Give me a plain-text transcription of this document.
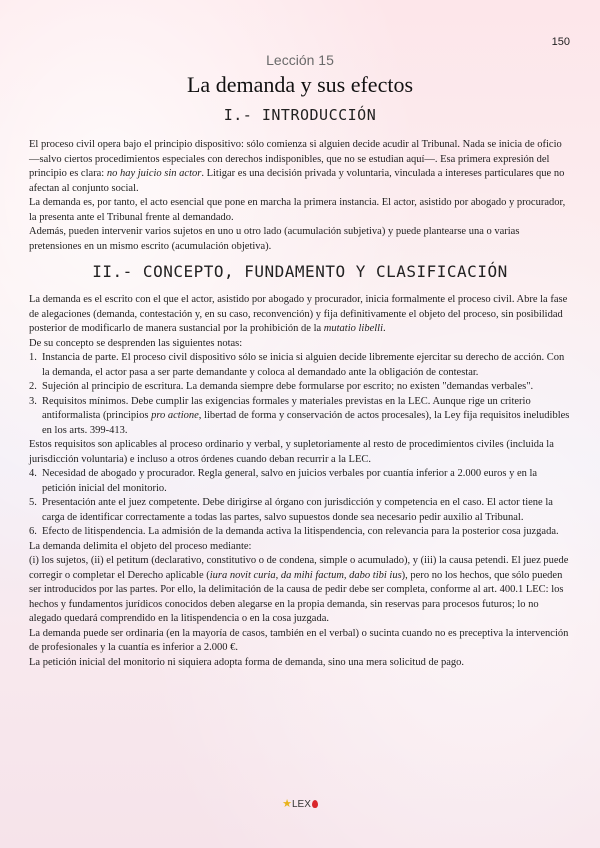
150
Lección 15
La demanda y sus efectos
I.- INTRODUCCIÓN

El proceso civil opera bajo el principio dispositivo: sólo comienza si alguien decide acudir al Tribunal. Nada se inicia de oficio —salvo ciertos procedimientos especiales con derechos indisponibles, que no se estudian aquí—. Esa primera expresión del principio es clara: no hay juicio sin actor. Litigar es una decisión privada y voluntaria, vinculada a intereses particulares que no afectan al conjunto social.

La demanda es, por tanto, el acto esencial que pone en marcha la primera instancia. El actor, asistido por abogado y procurador, la presenta ante el Tribunal frente al demandado.

Además, pueden intervenir varios sujetos en uno u otro lado (acumulación subjetiva) y puede plantearse una o varias pretensiones en un mismo escrito (acumulación objetiva).

II.- CONCEPTO, FUNDAMENTO Y CLASIFICACIÓN

La demanda es el escrito con el que el actor, asistido por abogado y procurador, inicia formalmente el proceso civil. Abre la fase de alegaciones (demanda, contestación y, en su caso, reconvención) y fija definitivamente el objeto del proceso, sin posibilidad posterior de modificarlo de manera sustancial por la prohibición de la mutatio libelli.

De su concepto se desprenden las siguientes notas:

1. Instancia de parte. El proceso civil dispositivo sólo se inicia si alguien decide libremente ejercitar su derecho de acción. Con la demanda, el actor pasa a ser parte demandante y coloca al demandado ante la obligación de contestar.
2. Sujeción al principio de escritura. La demanda siempre debe formularse por escrito; no existen "demandas verbales".
3. Requisitos mínimos. Debe cumplir las exigencias formales y materiales previstas en la LEC. Aunque rige un criterio antiformalista (principios pro actione, libertad de forma y conservación de actos procesales), la Ley fija requisitos ineludibles en los arts. 399-413.

Estos requisitos son aplicables al proceso ordinario y verbal, y supletoriamente al resto de procedimientos civiles (incluida la jurisdicción voluntaria) e incluso a otros órdenes cuando deban recurrir a la LEC.

4. Necesidad de abogado y procurador. Regla general, salvo en juicios verbales por cuantía inferior a 2.000 euros y en la petición inicial del monitorio.
5. Presentación ante el juez competente. Debe dirigirse al órgano con jurisdicción y competencia en el caso. El actor tiene la carga de identificar correctamente a todas las partes, salvo supuestos donde sea necesario pedir auxilio al Tribunal.
6. Efecto de litispendencia. La admisión de la demanda activa la litispendencia, con relevancia para la posterior cosa juzgada.

La demanda delimita el objeto del proceso mediante:

(i) los sujetos, (ii) el petitum (declarativo, constitutivo o de condena, simple o acumulado), y (iii) la causa petendi. El juez puede corregir o completar el Derecho aplicable (iura novit curia, da mihi factum, dabo tibi ius), pero no los hechos, que sólo pueden ser introducidos por las partes. Por ello, la delimitación de la causa de pedir debe ser completa, conforme al art. 400.1 LEC: los hechos y fundamentos jurídicos conocidos deben alegarse en la propia demanda, sin reservas para procesos futuros; lo no alegado quedará comprendido en la litispendencia o en la cosa juzgada.

La demanda puede ser ordinaria (en la mayoría de casos, también en el verbal) o sucinta cuando no es preceptiva la intervención de profesionales y la cuantía es inferior a 2.000 €.

La petición inicial del monitorio ni siquiera adopta forma de demanda, sino una mera solicitud de pago.

★LEX
